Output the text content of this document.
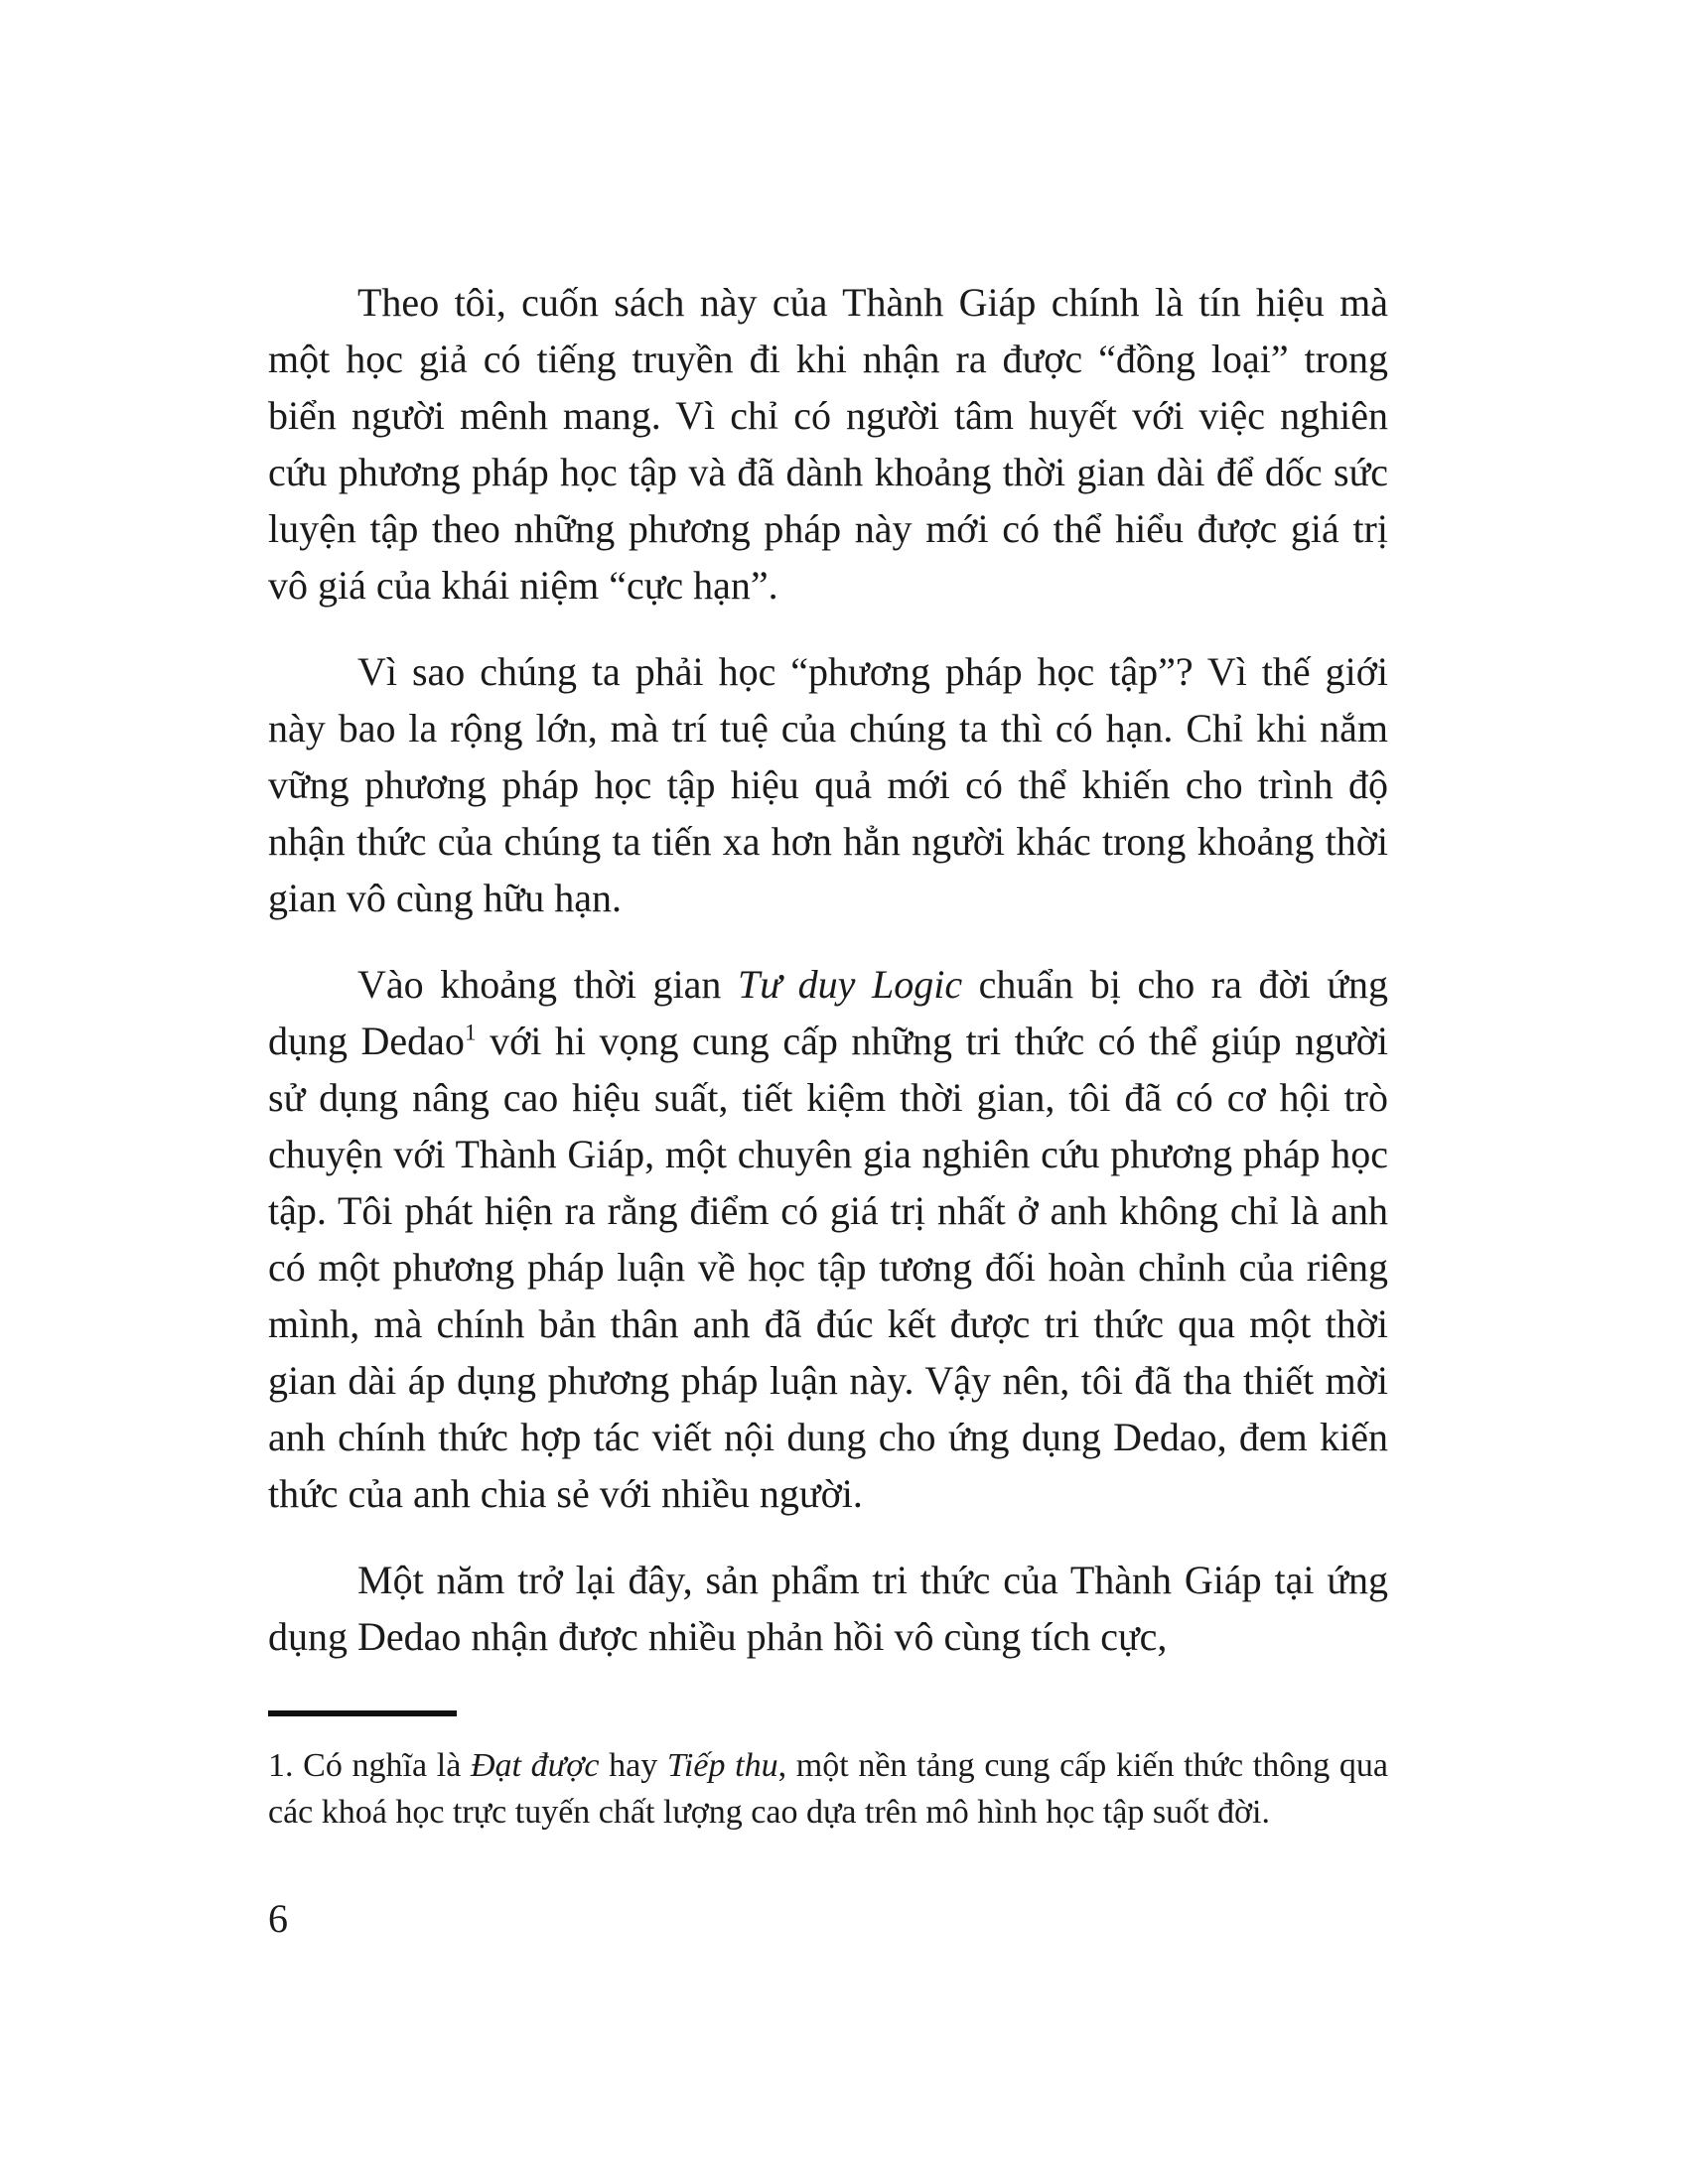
Theo tôi, cuốn sách này của Thành Giáp chính là tín hiệu mà một học giả có tiếng truyền đi khi nhận ra được “đồng loại” trong biển người mênh mang. Vì chỉ có người tâm huyết với việc nghiên cứu phương pháp học tập và đã dành khoảng thời gian dài để dốc sức luyện tập theo những phương pháp này mới có thể hiểu được giá trị vô giá của khái niệm “cực hạn”.

Vì sao chúng ta phải học “phương pháp học tập”? Vì thế giới này bao la rộng lớn, mà trí tuệ của chúng ta thì có hạn. Chỉ khi nắm vững phương pháp học tập hiệu quả mới có thể khiến cho trình độ nhận thức của chúng ta tiến xa hơn hẳn người khác trong khoảng thời gian vô cùng hữu hạn.

Vào khoảng thời gian Tư duy Logic chuẩn bị cho ra đời ứng dụng Dedao$^1$ với hi vọng cung cấp những tri thức có thể giúp người sử dụng nâng cao hiệu suất, tiết kiệm thời gian, tôi đã có cơ hội trò chuyện với Thành Giáp, một chuyên gia nghiên cứu phương pháp học tập. Tôi phát hiện ra rằng điểm có giá trị nhất ở anh không chỉ là anh có một phương pháp luận về học tập tương đối hoàn chỉnh của riêng mình, mà chính bản thân anh đã đúc kết được tri thức qua một thời gian dài áp dụng phương pháp luận này. Vậy nên, tôi đã tha thiết mời anh chính thức hợp tác viết nội dung cho ứng dụng Dedao, đem kiến thức của anh chia sẻ với nhiều người.

Một năm trở lại đây, sản phẩm tri thức của Thành Giáp tại ứng dụng Dedao nhận được nhiều phản hồi vô cùng tích cực,

1. Có nghĩa là Đạt được hay Tiếp thu, một nền tảng cung cấp kiến thức thông qua các khoá học trực tuyến chất lượng cao dựa trên mô hình học tập suốt đời.

6
